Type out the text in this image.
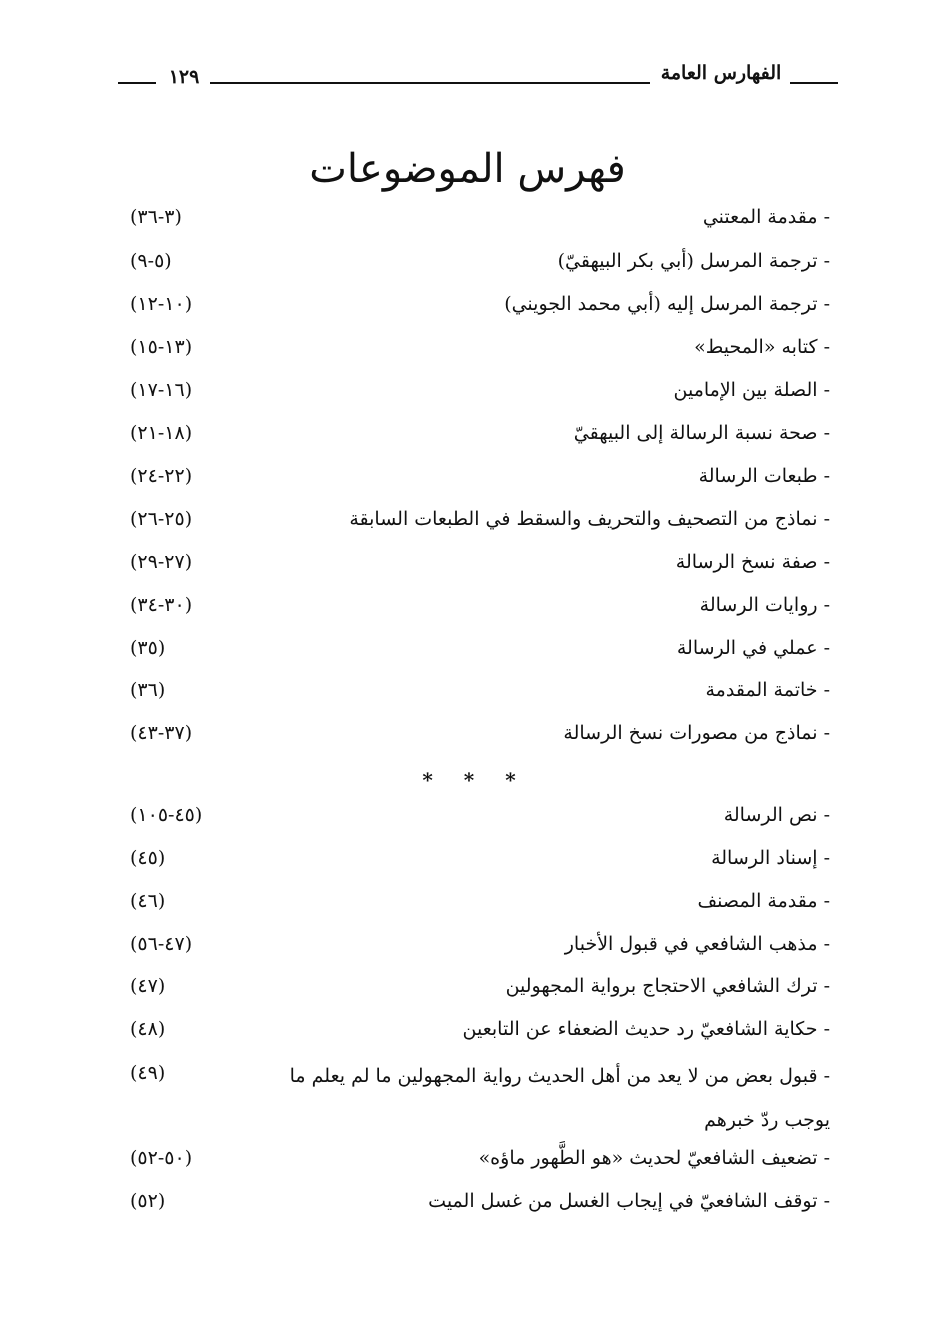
١٢٩	الفهارس العامة
فهرس الموضوعات
- مقدمة المعتني
(٣-٣٦)
- ترجمة المرسل (أبي بكر البيهقيّ)
(٥-٩)
- ترجمة المرسل إليه (أبي محمد الجويني)
(١٠-١٢)
- كتابه «المحيط»
(١٣-١٥)
- الصلة بين الإمامين
(١٦-١٧)
- صحة نسبة الرسالة إلى البيهقيّ
(١٨-٢١)
- طبعات الرسالة
(٢٢-٢٤)
- نماذج من التصحيف والتحريف والسقط في الطبعات السابقة
(٢٥-٢٦)
- صفة نسخ الرسالة
(٢٧-٢٩)
- روايات الرسالة
(٣٠-٣٤)
- عملي في الرسالة
(٣٥)
- خاتمة المقدمة
(٣٦)
- نماذج من مصورات نسخ الرسالة
(٣٧-٤٣)
* * *
- نص الرسالة
(٤٥-١٠٥)
- إسناد الرسالة
(٤٥)
- مقدمة المصنف
(٤٦)
- مذهب الشافعي في قبول الأخبار
(٤٧-٥٦)
- ترك الشافعي الاحتجاج برواية المجهولين
(٤٧)
- حكاية الشافعيّ رد حديث الضعفاء عن التابعين
(٤٨)
- قبول بعض من لا يعد من أهل الحديث رواية المجهولين ما لم يعلم ما يوجب ردّ خبرهم
(٤٩)
- تضعيف الشافعيّ لحديث «هو الطَّهور ماؤه»
(٥٠-٥٢)
- توقف الشافعيّ في إيجاب الغسل من غسل الميت
(٥٢)
